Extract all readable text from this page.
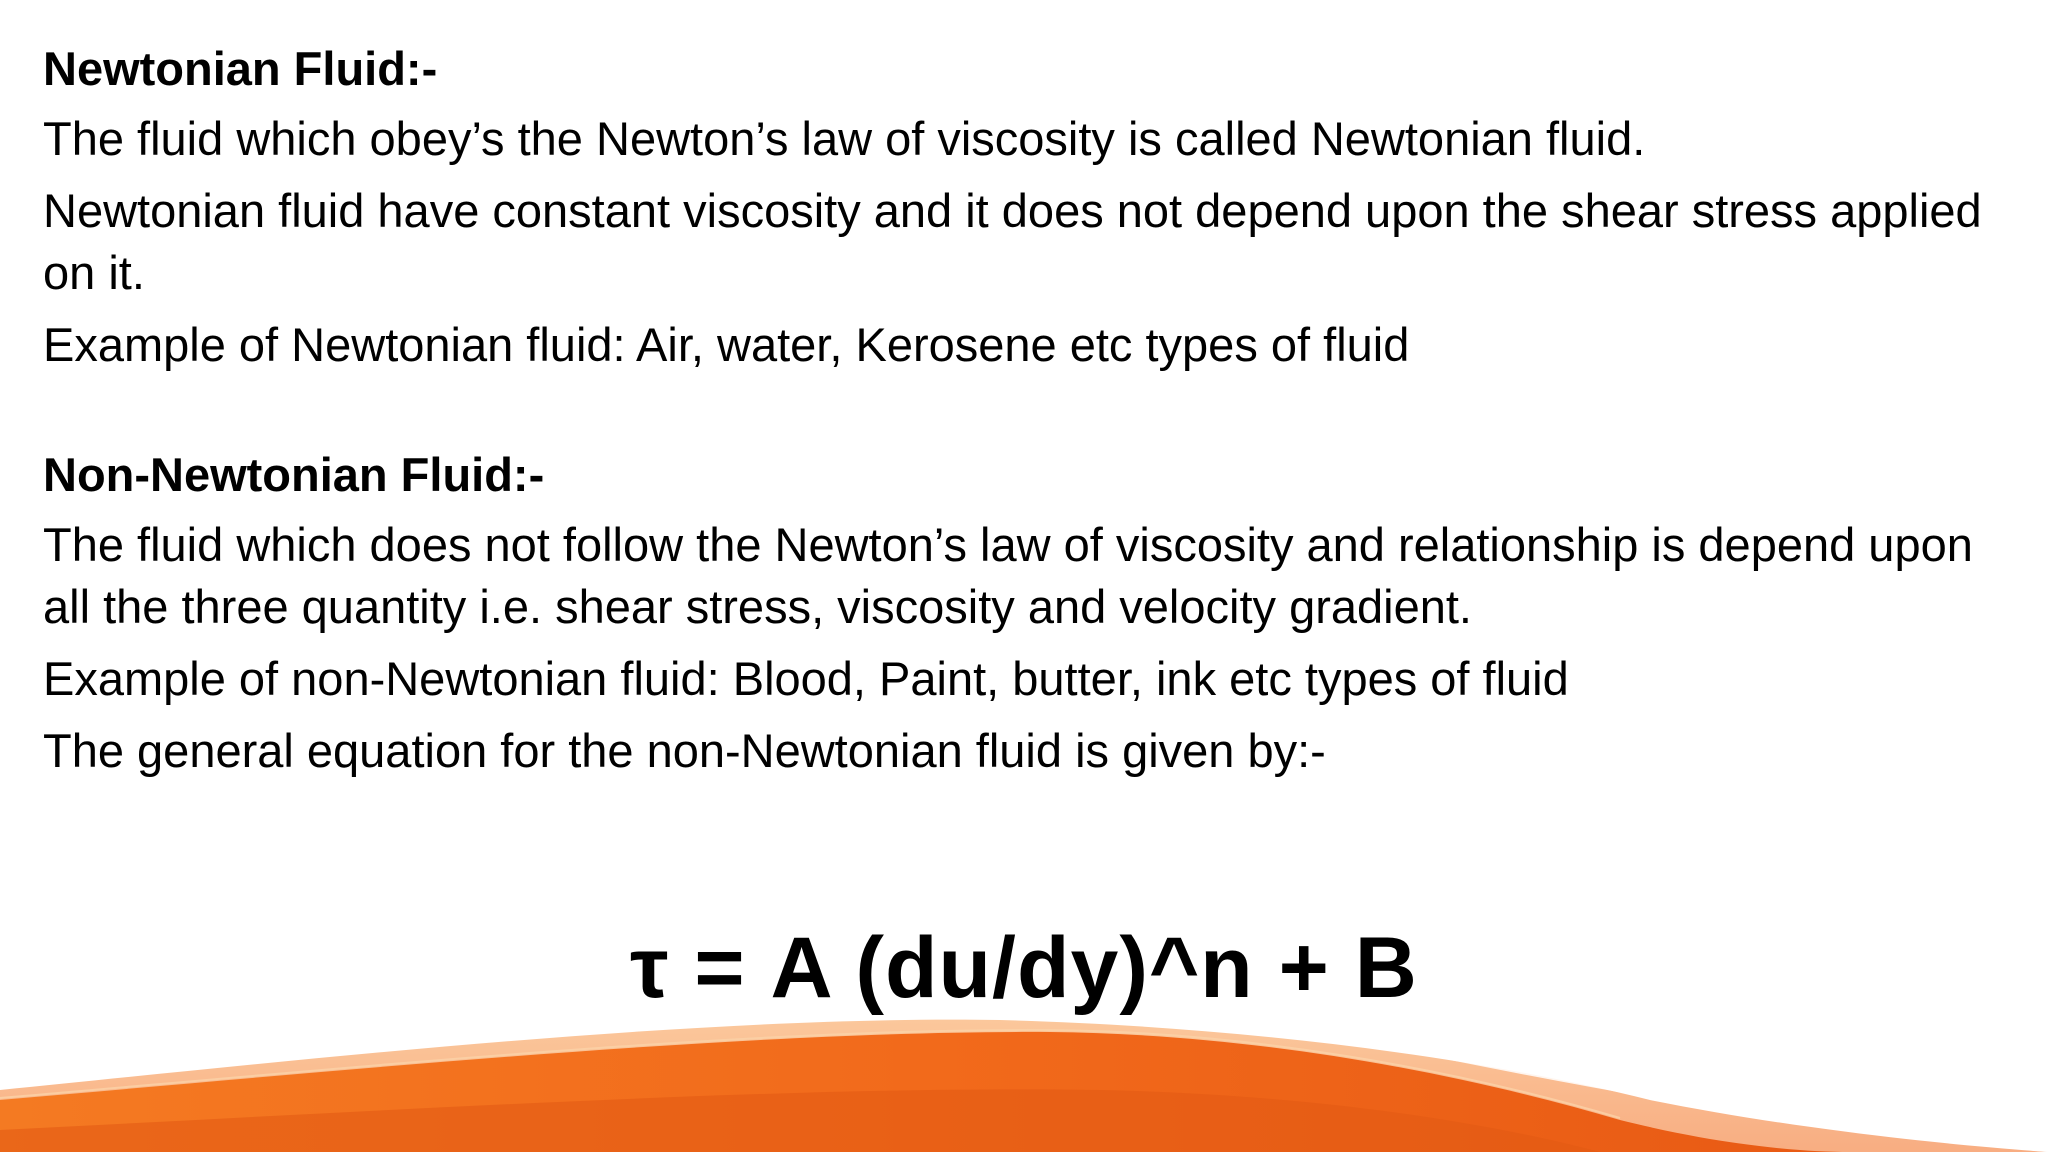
Newtonian Fluid:-

The fluid which obey’s the Newton’s law of viscosity is called Newtonian fluid.

Newtonian fluid have constant viscosity and it does not depend upon the shear stress applied on it.

Example of Newtonian fluid: Air, water, Kerosene etc types of fluid

Non-Newtonian Fluid:-

The fluid which does not follow the Newton’s law of viscosity and relationship is depend upon all the three quantity i.e. shear stress, viscosity and velocity gradient.

Example of non-Newtonian fluid: Blood, Paint, butter, ink etc types of fluid

The general equation for the non-Newtonian fluid is given by:-

τ = A (du/dy)^n + B
